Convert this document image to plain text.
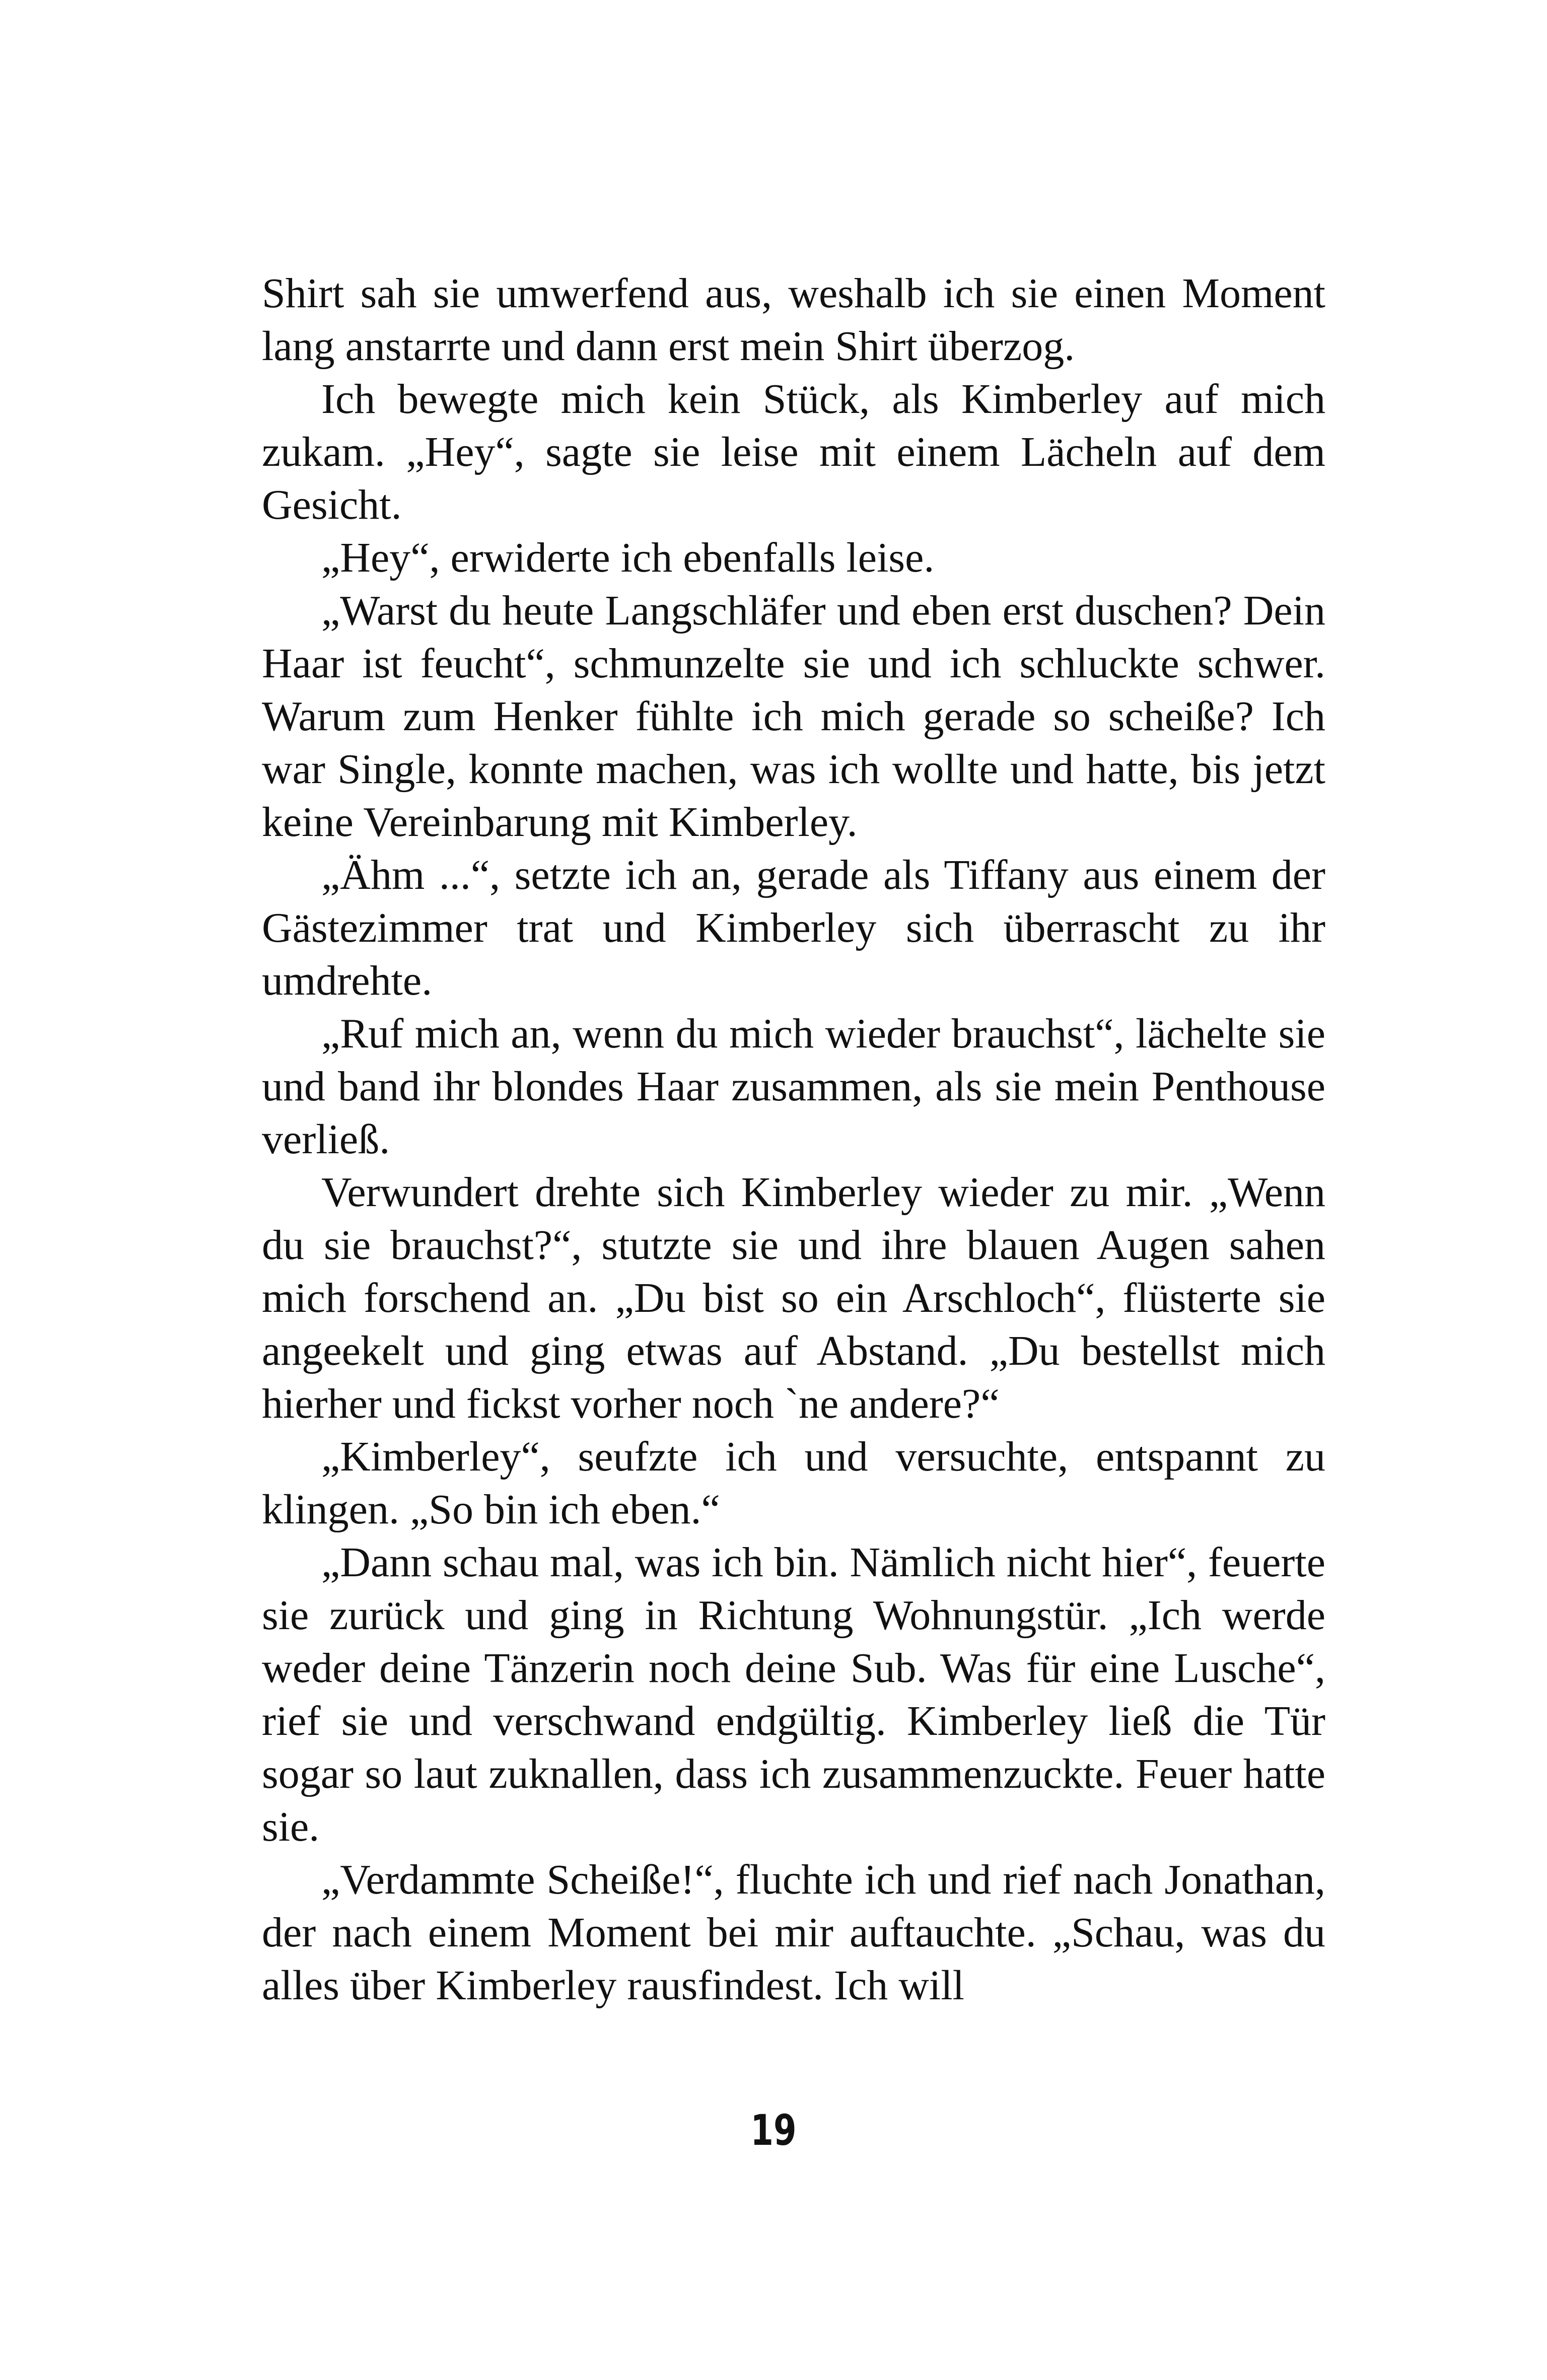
Shirt sah sie umwerfend aus, weshalb ich sie einen Moment lang anstarrte und dann erst mein Shirt überzog.

Ich bewegte mich kein Stück, als Kimberley auf mich zukam. „Hey“, sagte sie leise mit einem Lächeln auf dem Gesicht.

„Hey“, erwiderte ich ebenfalls leise.

„Warst du heute Langschläfer und eben erst duschen? Dein Haar ist feucht“, schmunzelte sie und ich schluckte schwer. Warum zum Henker fühlte ich mich gerade so scheiße? Ich war Single, konnte machen, was ich wollte und hatte, bis jetzt keine Vereinbarung mit Kimberley.

„Ähm ...“, setzte ich an, gerade als Tiffany aus einem der Gästezimmer trat und Kimberley sich überrascht zu ihr umdrehte.

„Ruf mich an, wenn du mich wieder brauchst“, lächelte sie und band ihr blondes Haar zusammen, als sie mein Penthouse verließ.

Verwundert drehte sich Kimberley wieder zu mir. „Wenn du sie brauchst?“, stutzte sie und ihre blauen Augen sahen mich forschend an. „Du bist so ein Arschloch“, flüsterte sie angeekelt und ging etwas auf Abstand. „Du bestellst mich hierher und fickst vorher noch `ne andere?“

„Kimberley“, seufzte ich und versuchte, entspannt zu klingen. „So bin ich eben.“

„Dann schau mal, was ich bin. Nämlich nicht hier“, feuerte sie zurück und ging in Richtung Wohnungstür. „Ich werde weder deine Tänzerin noch deine Sub. Was für eine Lusche“, rief sie und verschwand endgültig. Kimberley ließ die Tür sogar so laut zuknallen, dass ich zusammenzuckte. Feuer hatte sie.

„Verdammte Scheiße!“, fluchte ich und rief nach Jonathan, der nach einem Moment bei mir auftauchte. „Schau, was du alles über Kimberley rausfindest. Ich will

19
